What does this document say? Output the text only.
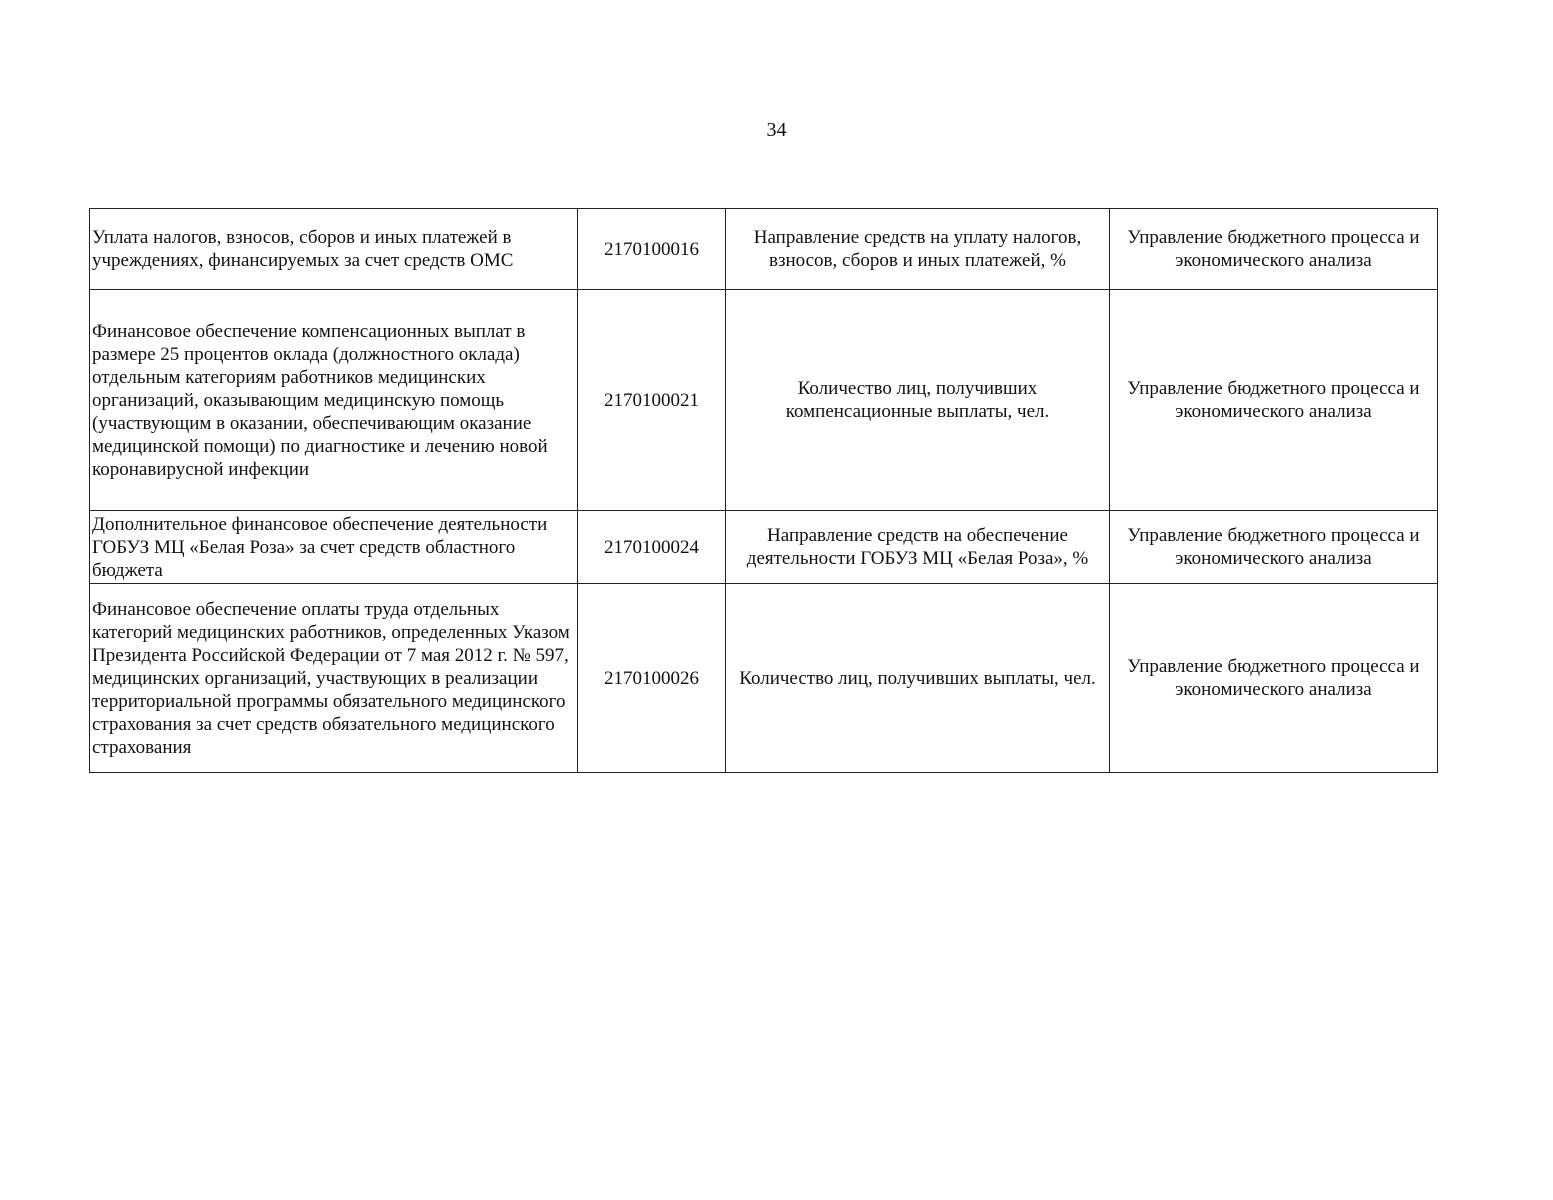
34
Уплата налогов, взносов, сборов и иных платежей в учреждениях, финансируемых за счет средств ОМС	2170100016	Направление средств на уплату налогов, взносов, сборов и иных платежей, %	Управление бюджетного процесса и экономического анализа
Финансовое обеспечение компенсационных выплат в размере 25 процентов оклада (должностного оклада) отдельным категориям работников медицинских организаций, оказывающим медицинскую помощь (участвующим в оказании, обеспечивающим оказание медицинской помощи) по диагностике и лечению новой коронавирусной инфекции	2170100021	Количество лиц, получивших компенсационные выплаты, чел.	Управление бюджетного процесса и экономического анализа
Дополнительное финансовое обеспечение деятельности ГОБУЗ МЦ «Белая Роза» за счет средств областного бюджета	2170100024	Направление средств на обеспечение деятельности ГОБУЗ МЦ «Белая Роза», %	Управление бюджетного процесса и экономического анализа
Финансовое обеспечение оплаты труда отдельных категорий медицинских работников, определенных Указом Президента Российской Федерации от 7 мая 2012 г. № 597, медицинских организаций, участвующих в реализации территориальной программы обязательного медицинского страхования за счет средств обязательного медицинского страхования	2170100026	Количество лиц, получивших выплаты, чел.	Управление бюджетного процесса и экономического анализа
